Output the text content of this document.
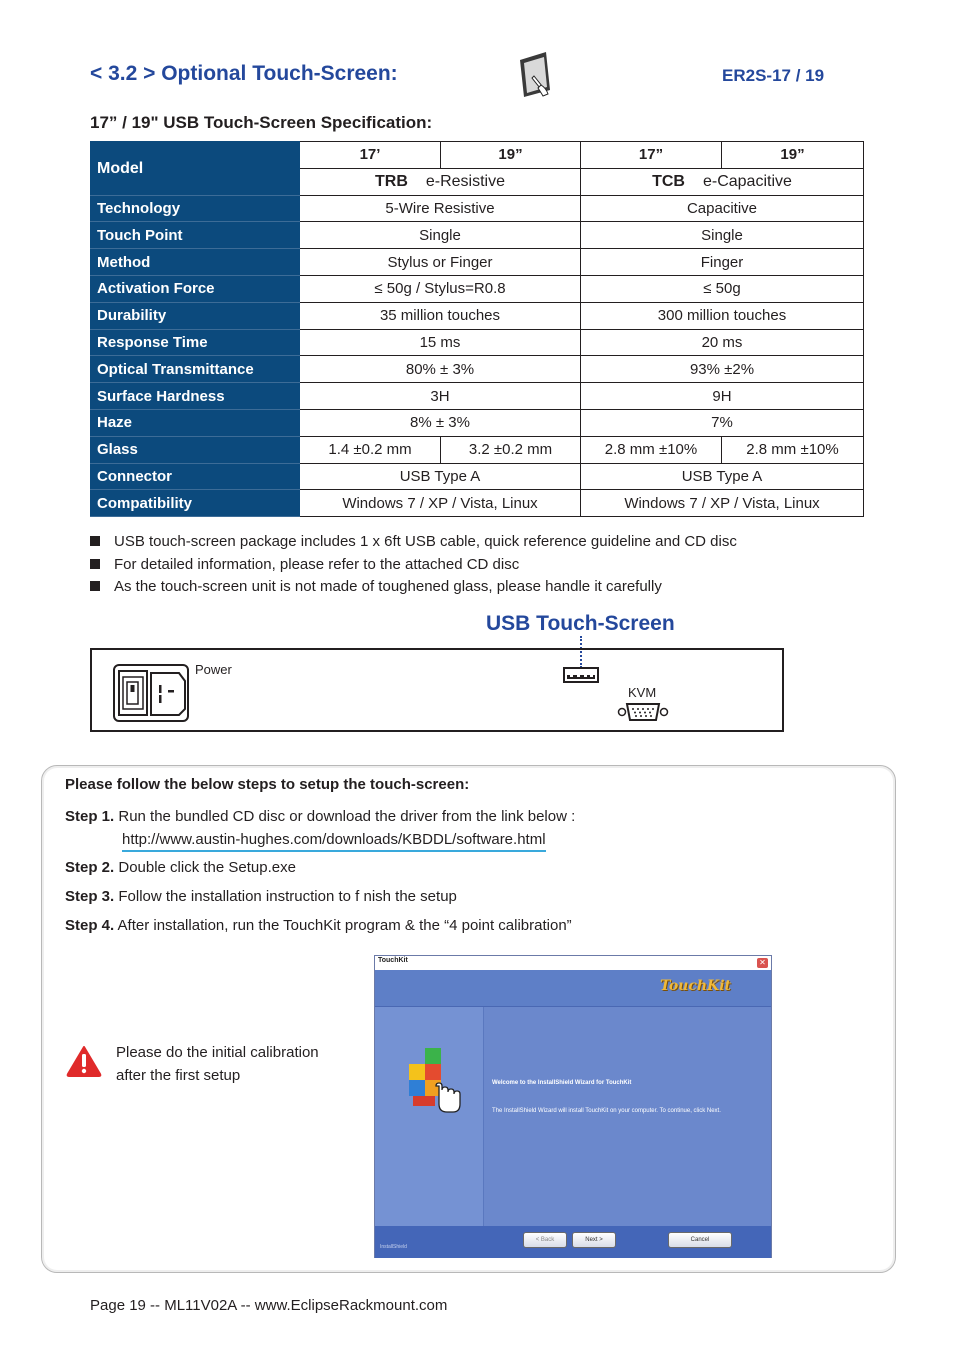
< 3.2 > Optional Touch-Screen:	ER2S-17 / 19
17” / 19" USB Touch-Screen Specification:
Model	17’	19”	17”	19”
	TRB e-Resistive		TCB e-Capacitive	
Technology	5-Wire Resistive		Capacitive	
Touch Point	Single		Single	
Method	Stylus or Finger		Finger	
Activation Force	≤ 50g / Stylus=R0.8		≤ 50g	
Durability	35 million touches		300 million touches	
Response Time	15 ms		20 ms	
Optical Transmittance	80% ± 3%		93% ±2%	
Surface Hardness	3H		9H	
Haze	8% ± 3%		7%	
Glass	1.4 ±0.2 mm	3.2 ±0.2 mm	2.8 mm ±10%	2.8 mm ±10%
Connector	USB Type A		USB Type A	
Compatibility	Windows 7 / XP / Vista, Linux		Windows 7 / XP / Vista, Linux	
USB touch-screen package includes 1 x 6ft USB cable, quick reference guideline and CD disc
For detailed information, please refer to the attached CD disc
As the touch-screen unit is not made of toughened glass, please handle it carefully
USB Touch-Screen
Power
KVM
Please follow the below steps to setup the touch-screen:
Step 1. Run the bundled CD disc or download the driver from the link below :
http://www.austin-hughes.com/downloads/KBDDL/software.html
Step 2. Double click the Setup.exe
Step 3. Follow the installation instruction to f nish the setup
Step 4. After installation, run the TouchKit program & the “4 point calibration”
Please do the initial calibration
after the first setup
TouchKit	✕
TouchKit
Welcome to the InstallShield Wizard for TouchKit
The InstallShield Wizard will install TouchKit on your computer. To continue, click Next.
InstallShield
< Back	Next >	Cancel
Page 19 -- ML11V02A -- www.EclipseRackmount.com
